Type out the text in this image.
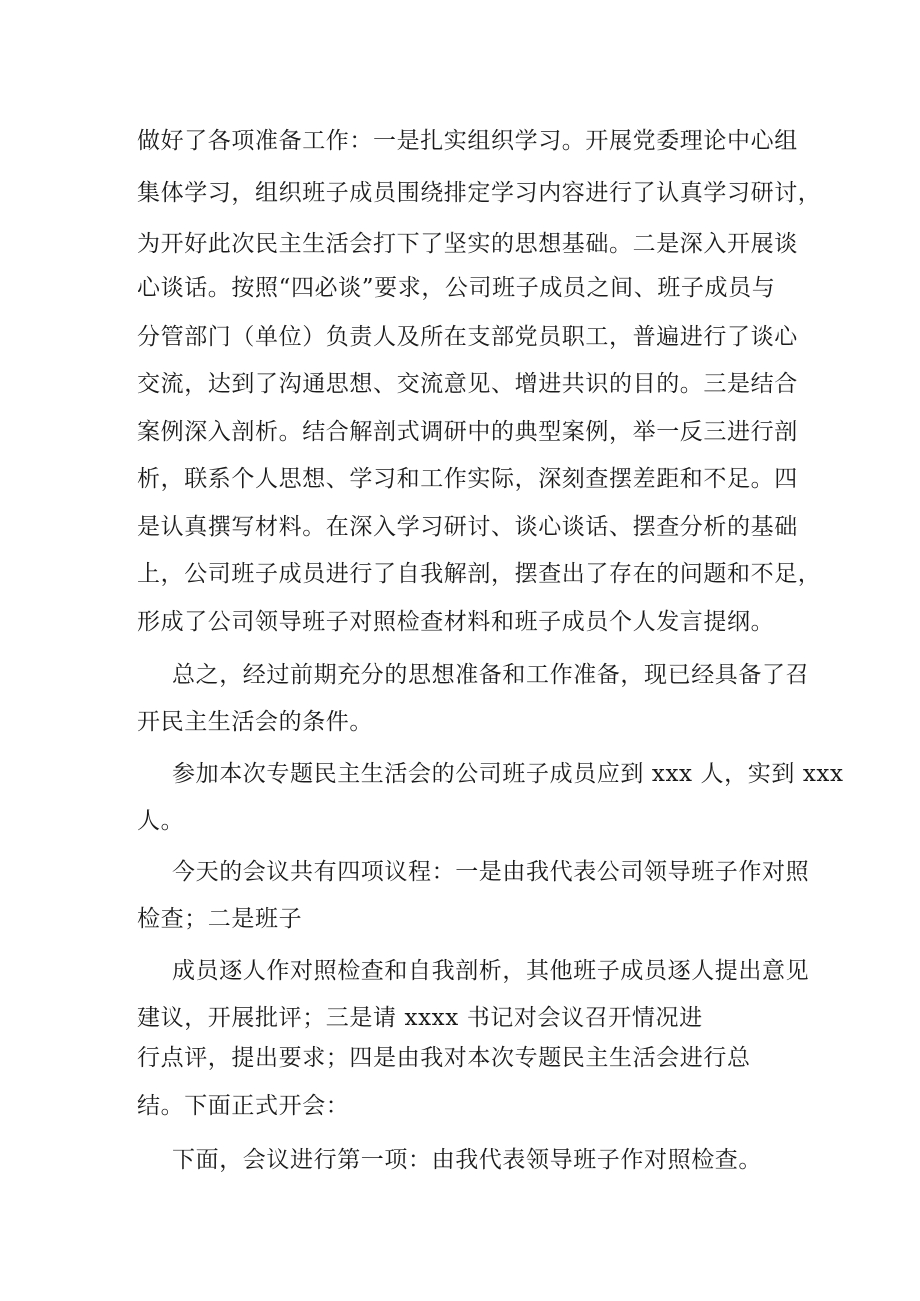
做好了各项准备工作：一是扎实组织学习。开展党委理论中心组
集体学习，组织班子成员围绕排定学习内容进行了认真学习研讨，
为开好此次民主生活会打下了坚实的思想基础。二是深入开展谈
心谈话。按照“四必谈”要求，公司班子成员之间、班子成员与
分管部门（单位）负责人及所在支部党员职工，普遍进行了谈心
交流，达到了沟通思想、交流意见、增进共识的目的。三是结合
案例深入剖析。结合解剖式调研中的典型案例，举一反三进行剖
析，联系个人思想、学习和工作实际，深刻查摆差距和不足。四
是认真撰写材料。在深入学习研讨、谈心谈话、摆查分析的基础
上，公司班子成员进行了自我解剖，摆查出了存在的问题和不足，
形成了公司领导班子对照检查材料和班子成员个人发言提纲。
总之，经过前期充分的思想准备和工作准备，现已经具备了召
开民主生活会的条件。
参加本次专题民主生活会的公司班子成员应到 xxx 人，实到 xxx
人。
今天的会议共有四项议程：一是由我代表公司领导班子作对照
检查；二是班子
成员逐人作对照检查和自我剖析，其他班子成员逐人提出意见
建议，开展批评；三是请 xxxx 书记对会议召开情况进
行点评，提出要求；四是由我对本次专题民主生活会进行总
结。下面正式开会：
下面，会议进行第一项：由我代表领导班子作对照检查。
